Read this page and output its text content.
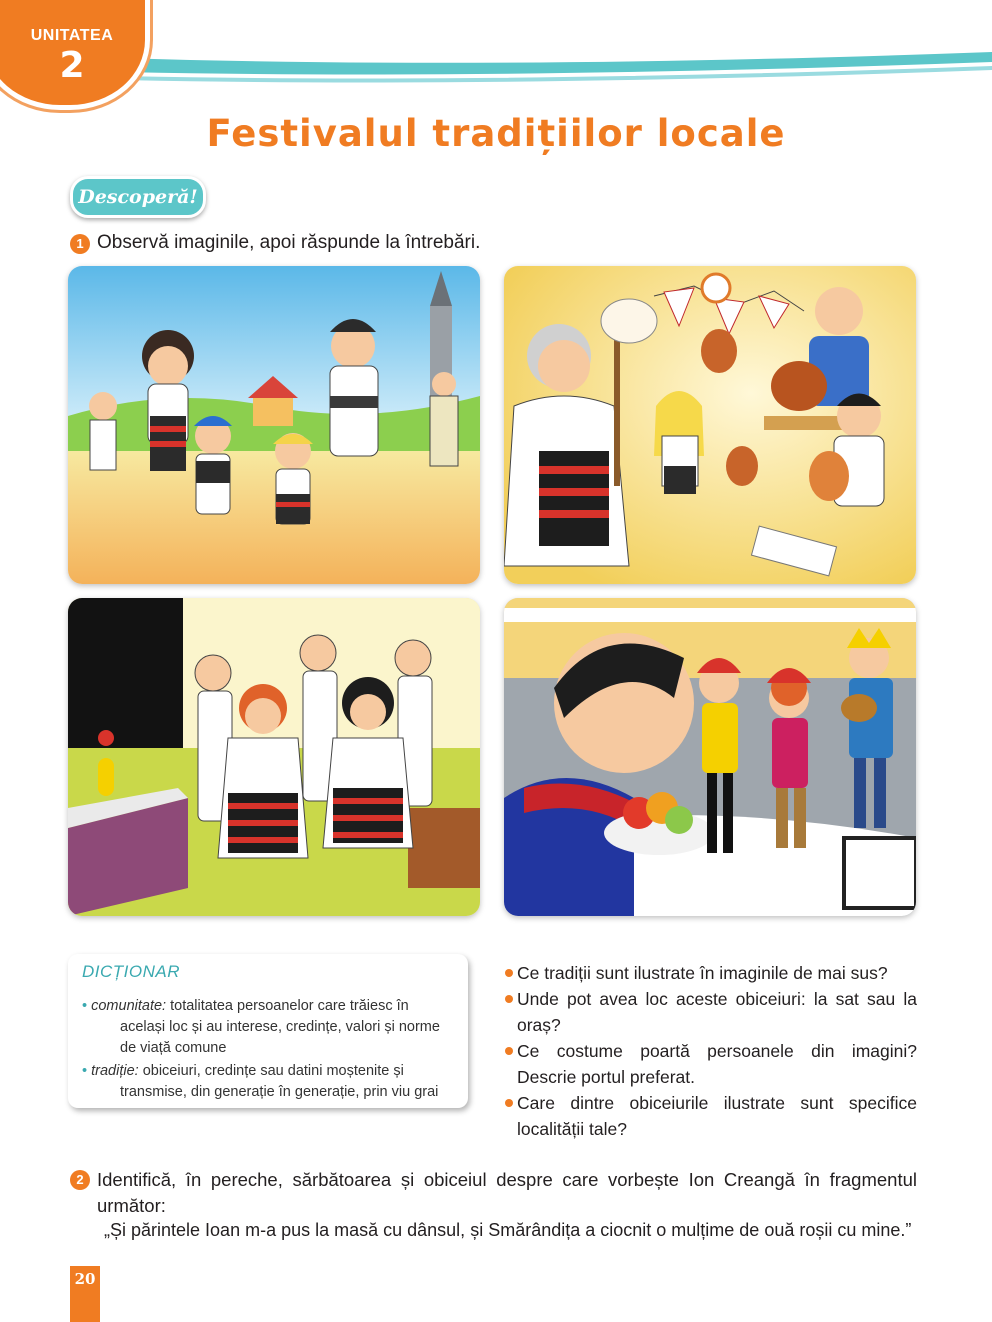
UNITATEA
2
Festivalul tradițiilor locale
Descoperă!
1 Observă imaginile, apoi răspunde la întrebări.
DICȚIONAR
• comunitate: totalitatea persoanelor care trăiesc în
același loc și au interese, credințe, valori și norme de viață comune
• tradiție: obiceiuri, credințe sau datini moștenite și
transmise, din generație în generație, prin viu grai
Ce tradiții sunt ilustrate în imaginile de mai sus?
Unde pot avea loc aceste obiceiuri: la sat sau la oraș?
Ce costume poartă persoanele din imagini? Descrie portul preferat.
Care dintre obiceiurile ilustrate sunt specifice localității tale?
2 Identifică, în pereche, sărbătoarea și obiceiul despre care vorbește Ion Creangă în fragmentul următor:
„Și părintele Ioan m-a pus la masă cu dânsul, și Smărândița a ciocnit o mulțime de ouă roșii cu mine.”
20
